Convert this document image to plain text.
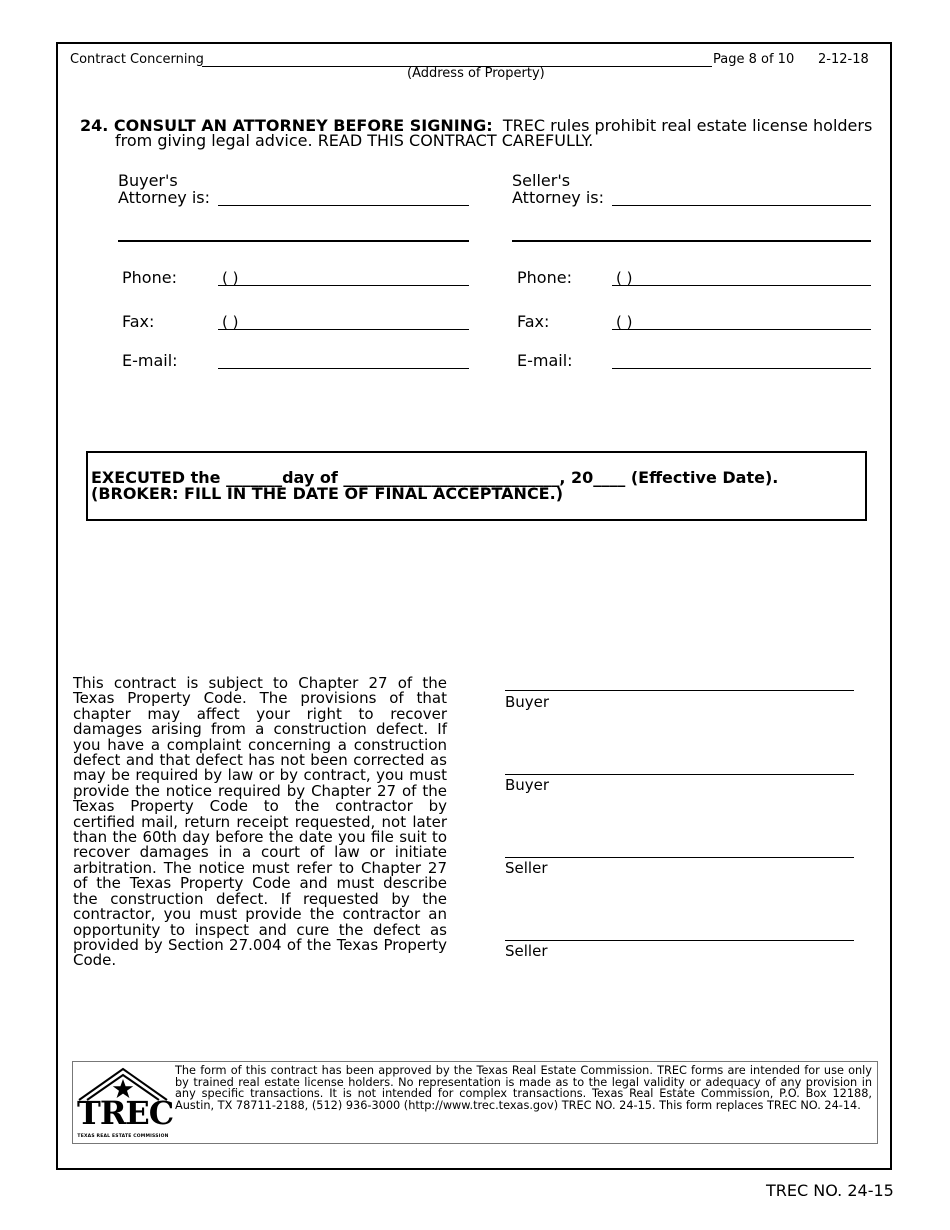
Contract Concerning
(Address of Property)
Page 8 of 10 2-12-18
24. CONSULT AN ATTORNEY BEFORE SIGNING: TREC rules prohibit real estate license holders
from giving legal advice. READ THIS CONTRACT CAREFULLY.
Buyer's
Attorney is:
Phone:	( )
Fax:	( )
E-mail:
Seller's
Attorney is:
Phone:	( )
Fax:	( )
E-mail:
EXECUTED the _______day of ___________________________, 20____ (Effective Date).
(BROKER: FILL IN THE DATE OF FINAL ACCEPTANCE.)
This contract is subject to Chapter 27 of the Texas Property Code. The provisions of that chapter may affect your right to recover damages arising from a construction defect. If you have a complaint concerning a construction defect and that defect has not been corrected as may be required by law or by contract, you must provide the notice required by Chapter 27 of the Texas Property Code to the contractor by certified mail, return receipt requested, not later than the 60th day before the date you file suit to recover damages in a court of law or initiate arbitration. The notice must refer to Chapter 27 of the Texas Property Code and must describe the construction defect. If requested by the contractor, you must provide the contractor an opportunity to inspect and cure the defect as provided by Section 27.004 of the Texas Property Code.
Buyer
Buyer
Seller
Seller
TREC
TEXAS REAL ESTATE COMMISSION
The form of this contract has been approved by the Texas Real Estate Commission. TREC forms are intended for use only by trained real estate license holders. No representation is made as to the legal validity or adequacy of any provision in any specific transactions. It is not intended for complex transactions. Texas Real Estate Commission, P.O. Box 12188, Austin, TX 78711-2188, (512) 936-3000 (http://www.trec.texas.gov) TREC NO. 24-15. This form replaces TREC NO. 24-14.
TREC NO. 24-15
